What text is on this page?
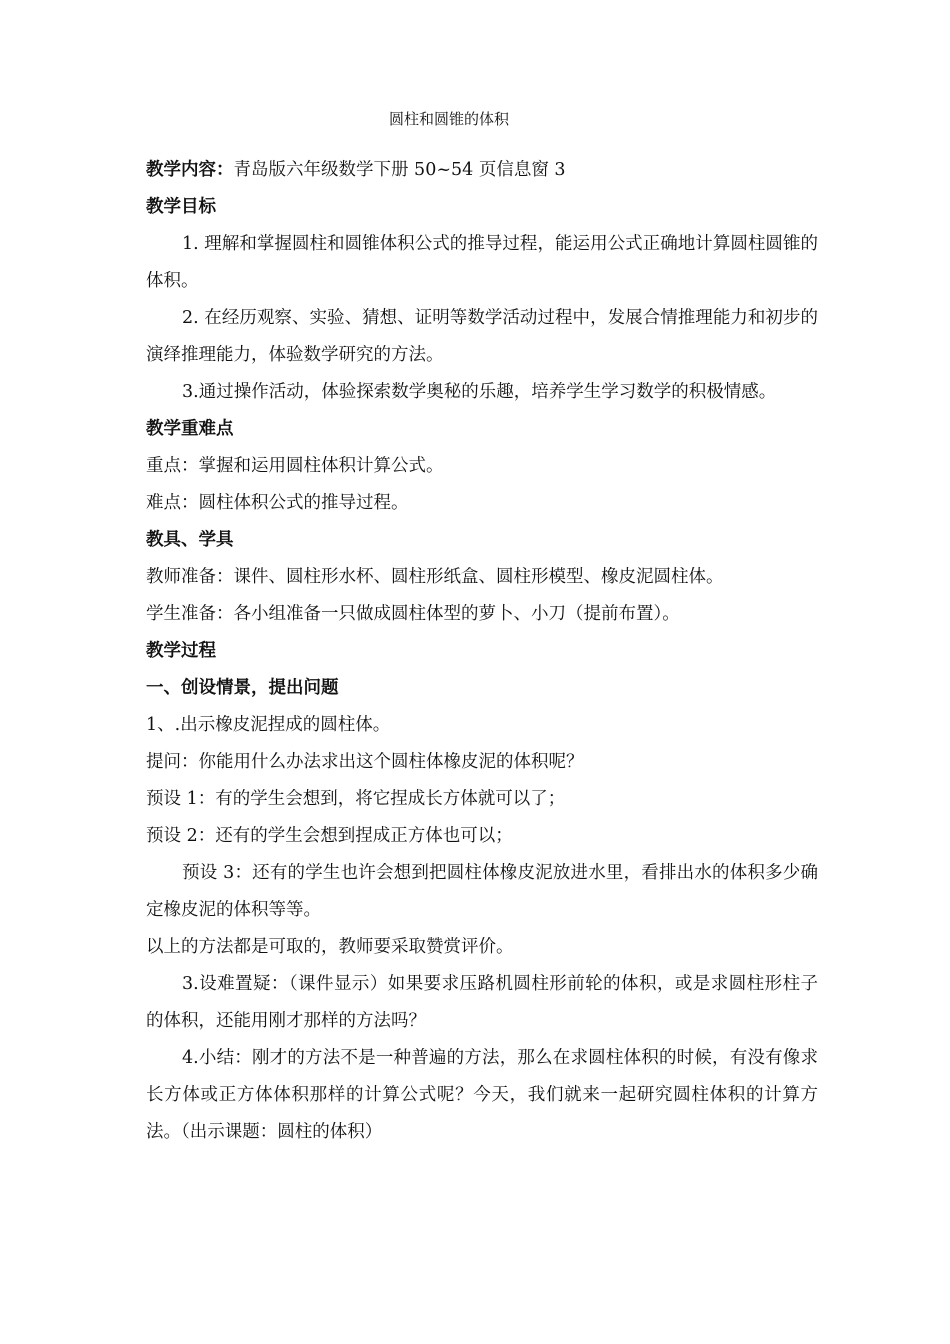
圆柱和圆锥的体积

教学内容：青岛版六年级数学下册 50~54 页信息窗 3

教学目标

1. 理解和掌握圆柱和圆锥体积公式的推导过程，能运用公式正确地计算圆柱圆锥的体积。

2. 在经历观察、实验、猜想、证明等数学活动过程中，发展合情推理能力和初步的演绎推理能力，体验数学研究的方法。

3.通过操作活动，体验探索数学奥秘的乐趣，培养学生学习数学的积极情感。

教学重难点

重点：掌握和运用圆柱体积计算公式。

难点：圆柱体积公式的推导过程。

教具、学具

教师准备：课件、圆柱形水杯、圆柱形纸盒、圆柱形模型、橡皮泥圆柱体。

学生准备：各小组准备一只做成圆柱体型的萝卜、小刀（提前布置）。

教学过程

一、创设情景，提出问题

1、.出示橡皮泥捏成的圆柱体。

提问：你能用什么办法求出这个圆柱体橡皮泥的体积呢？

预设 1：有的学生会想到，将它捏成长方体就可以了；

预设 2：还有的学生会想到捏成正方体也可以；

预设 3：还有的学生也许会想到把圆柱体橡皮泥放进水里，看排出水的体积多少确定橡皮泥的体积等等。

以上的方法都是可取的，教师要采取赞赏评价。

3.设难置疑：（课件显示）如果要求压路机圆柱形前轮的体积，或是求圆柱形柱子的体积，还能用刚才那样的方法吗？

4.小结：刚才的方法不是一种普遍的方法，那么在求圆柱体积的时候，有没有像求长方体或正方体体积那样的计算公式呢？今天，我们就来一起研究圆柱体积的计算方法。（出示课题：圆柱的体积）
